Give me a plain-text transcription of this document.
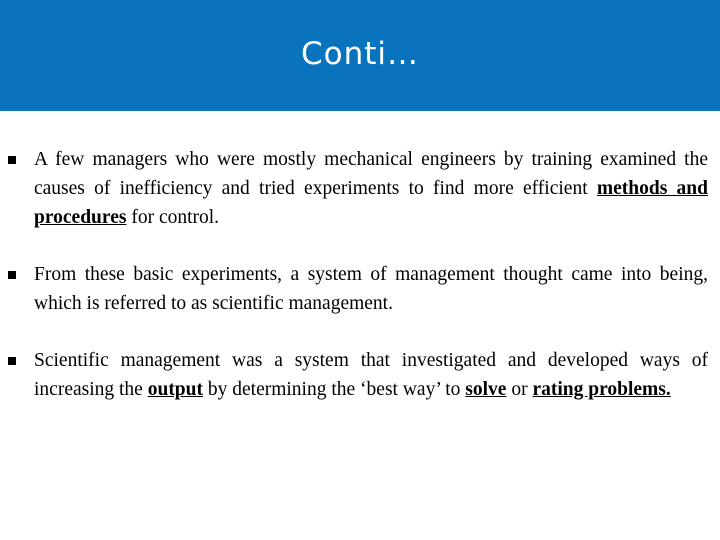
Conti…
A few managers who were mostly mechanical engineers by training examined the causes of inefficiency and tried experiments to find more efficient methods and procedures for control.
From these basic experiments, a system of management thought came into being, which is referred to as scientific management.
Scientific management was a system that investigated and developed ways of increasing the output by determining the ‘best way’ to solve or rating problems.
